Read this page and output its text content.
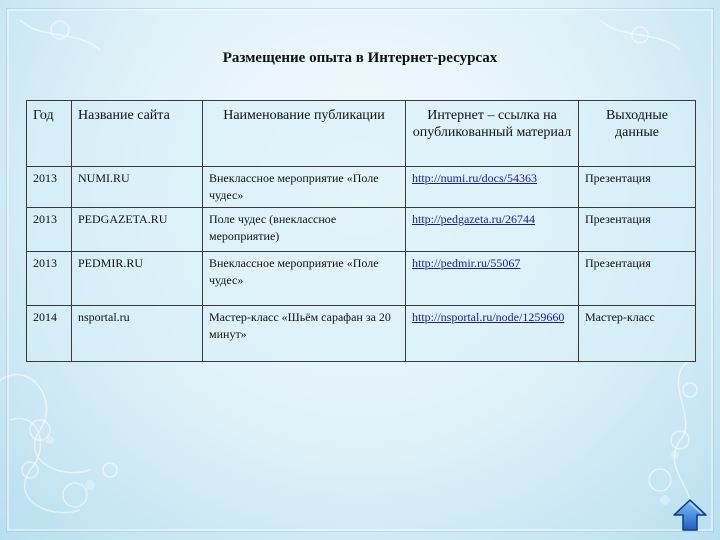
Размещение опыта в Интернет-ресурсах
Год	Название сайта	Наименование публикации	Интернет – ссылка на опубликованный материал	Выходные данные
2013	NUMI.RU	Внеклассное мероприятие «Поле чудес»	http://numi.ru/docs/54363	Презентация
2013	PEDGAZETA.RU	Поле чудес (внеклассное мероприятие)	http://pedgazeta.ru/26744	Презентация
2013	PEDMIR.RU	Внеклассное мероприятие «Поле чудес»	http://pedmir.ru/55067	Презентация
2014	nsportal.ru	Мастер-класс «Шьём сарафан за 20 минут»	http://nsportal.ru/node/1259660	Мастер-класс
